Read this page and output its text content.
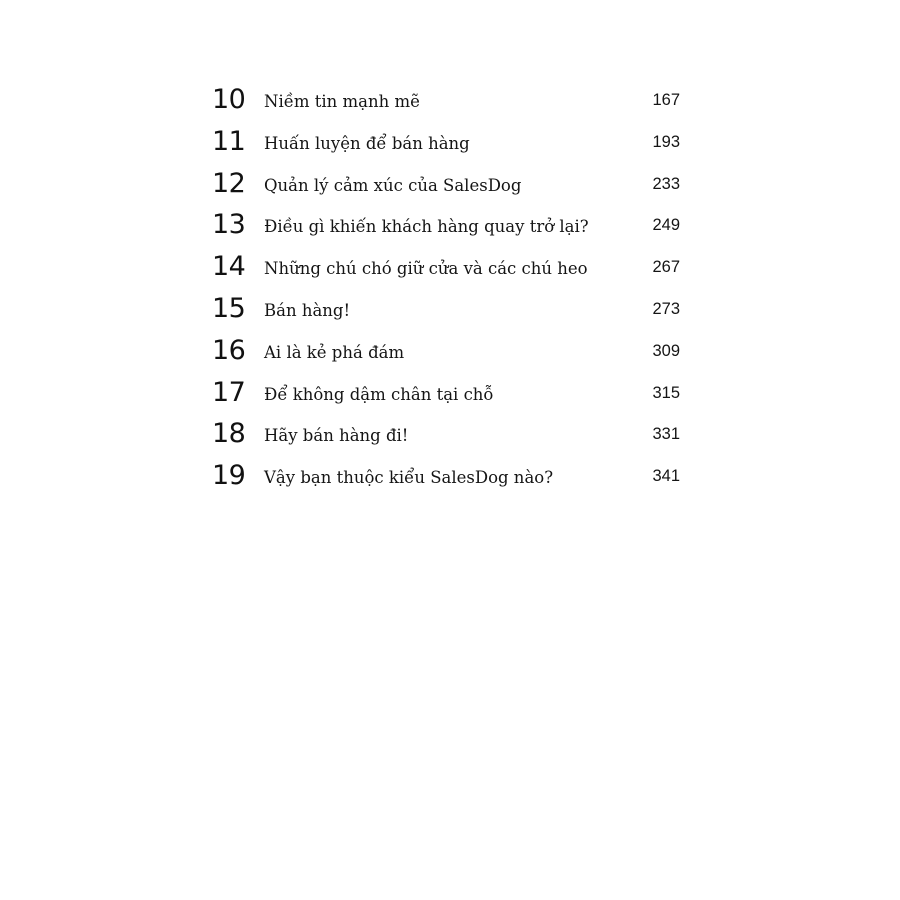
10	Niềm tin mạnh mẽ	167
11	Huấn luyện để bán hàng	193
12	Quản lý cảm xúc của SalesDog	233
13	Điều gì khiến khách hàng quay trở lại?	249
14	Những chú chó giữ cửa và các chú heo	267
15	Bán hàng!	273
16	Ai là kẻ phá đám	309
17	Để không dậm chân tại chỗ	315
18	Hãy bán hàng đi!	331
19	Vậy bạn thuộc kiểu SalesDog nào?	341
